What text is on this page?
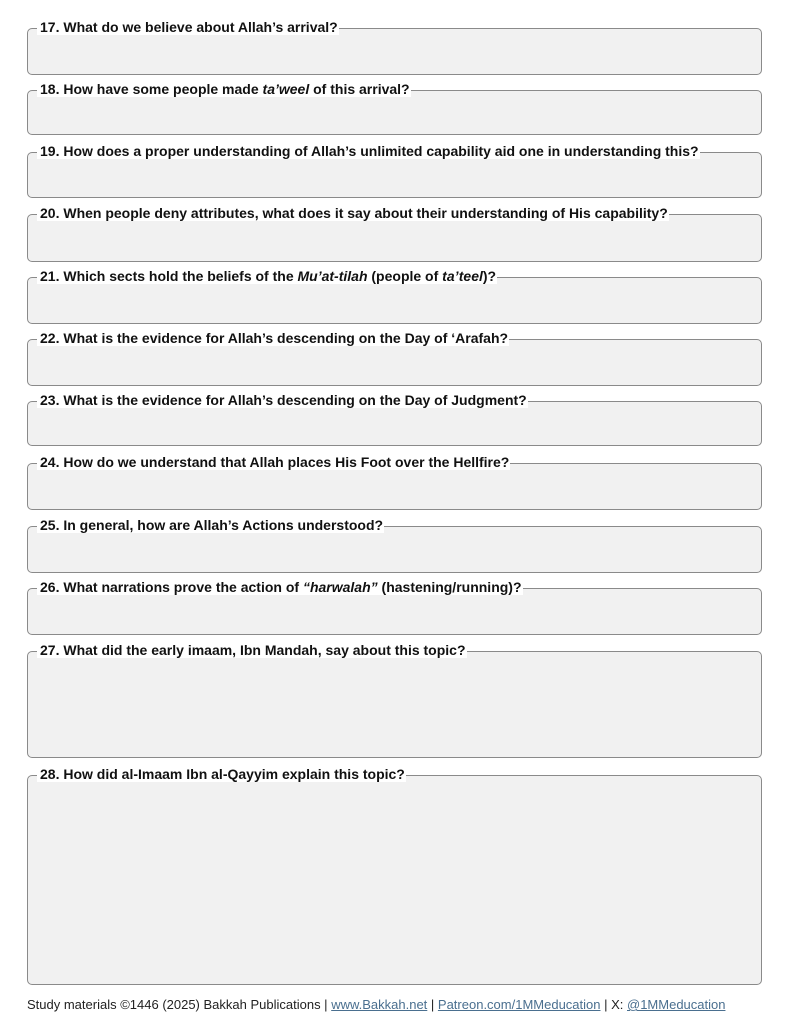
17. What do we believe about Allah’s arrival?
18. How have some people made ta’weel of this arrival?
19. How does a proper understanding of Allah’s unlimited capability aid one in understanding this?
20. When people deny attributes, what does it say about their understanding of His capability?
21. Which sects hold the beliefs of the Mu’at-tilah (people of ta’teel)?
22. What is the evidence for Allah’s descending on the Day of ‘Arafah?
23. What is the evidence for Allah’s descending on the Day of Judgment?
24. How do we understand that Allah places His Foot over the Hellfire?
25. In general, how are Allah’s Actions understood?
26. What narrations prove the action of “harwalah” (hastening/running)?
27. What did the early imaam, Ibn Mandah, say about this topic?
28. How did al-Imaam Ibn al-Qayyim explain this topic?
Study materials ©1446 (2025) Bakkah Publications | www.Bakkah.net | Patreon.com/1MMeducation | X: @1MMeducation
